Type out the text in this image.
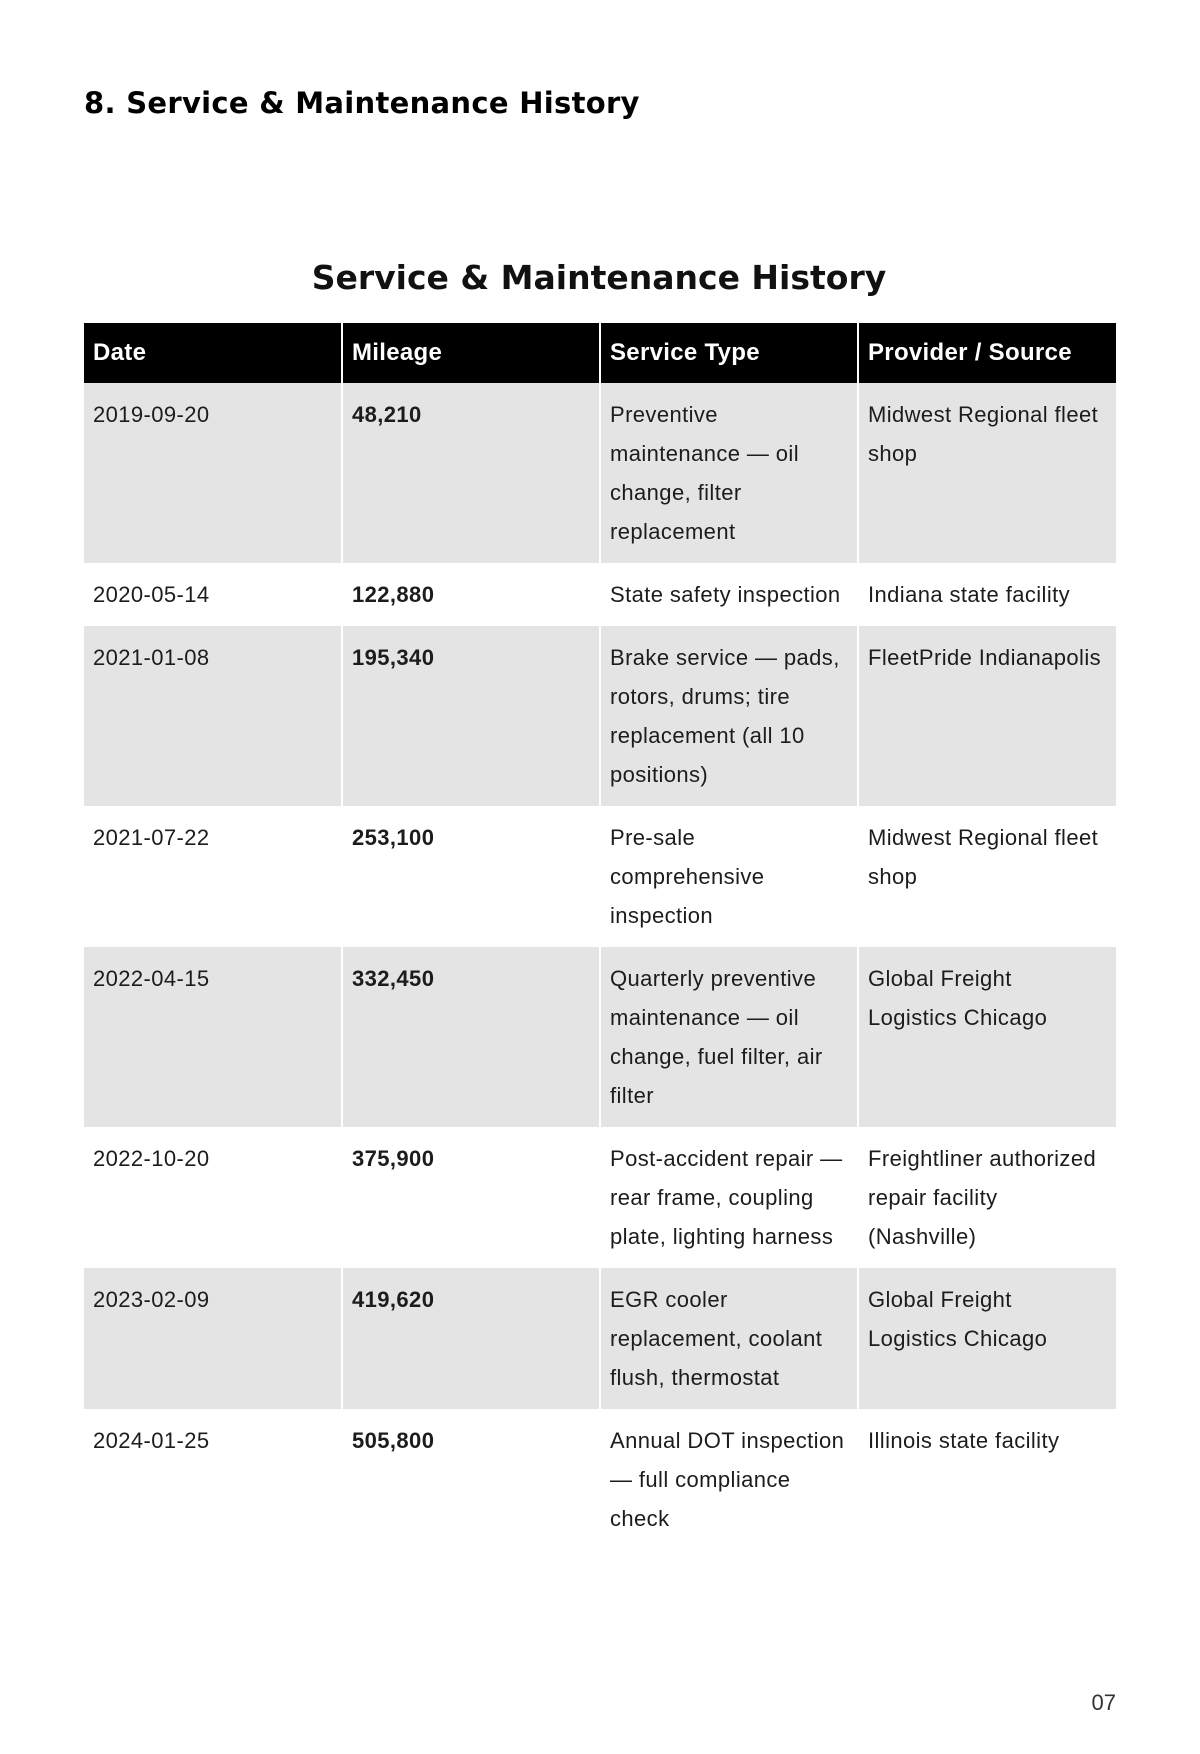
8. Service & Maintenance History
Service & Maintenance History
Date	Mileage	Service Type	Provider / Source
2019-09-20	48,210	Preventive maintenance — oil change, filter replacement	Midwest Regional fleet shop
2020-05-14	122,880	State safety inspection	Indiana state facility
2021-01-08	195,340	Brake service — pads, rotors, drums; tire replacement (all 10 positions)	FleetPride Indianapolis
2021-07-22	253,100	Pre-sale comprehensive inspection	Midwest Regional fleet shop
2022-04-15	332,450	Quarterly preventive maintenance — oil change, fuel filter, air filter	Global Freight Logistics Chicago
2022-10-20	375,900	Post-accident repair — rear frame, coupling plate, lighting harness	Freightliner authorized repair facility (Nashville)
2023-02-09	419,620	EGR cooler replacement, coolant flush, thermostat	Global Freight Logistics Chicago
2024-01-25	505,800	Annual DOT inspection — full compliance check	Illinois state facility
07
